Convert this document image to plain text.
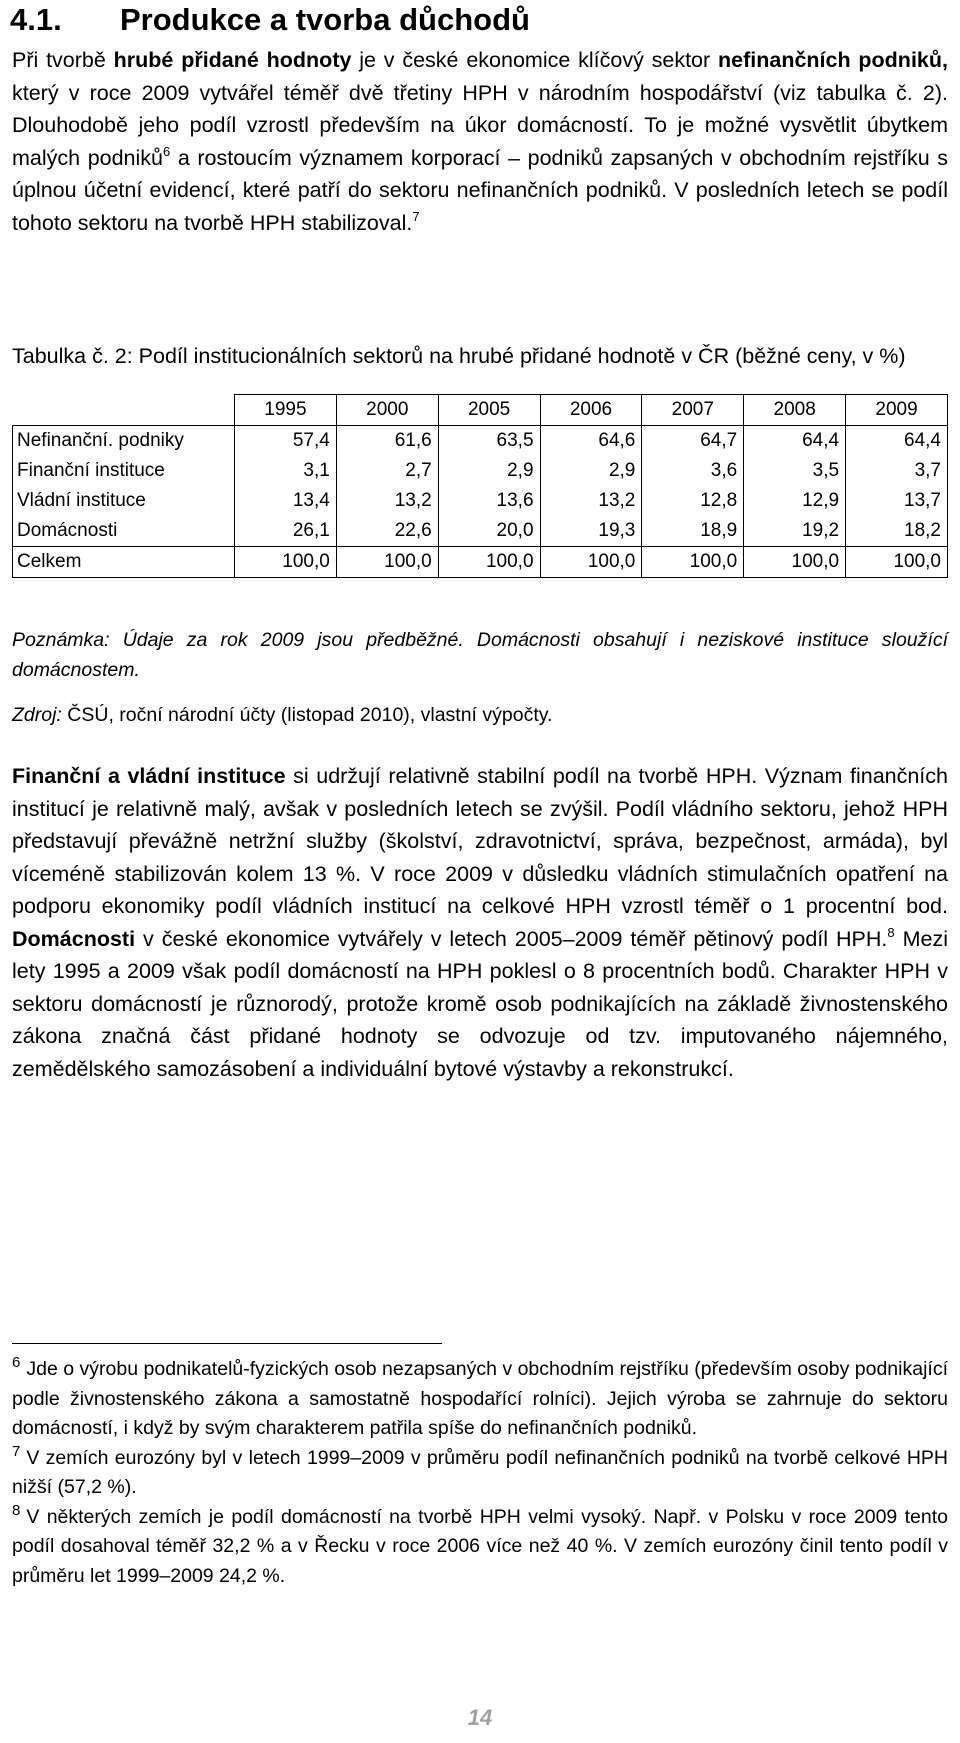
4.1. Produkce a tvorba důchodů
Při tvorbě hrubé přidané hodnoty je v české ekonomice klíčový sektor nefinančních podniků, který v roce 2009 vytvářel téměř dvě třetiny HPH v národním hospodářství (viz tabulka č. 2). Dlouhodobě jeho podíl vzrostl především na úkor domácností. To je možné vysvětlit úbytkem malých podniků$^6$ a rostoucím významem korporací – podniků zapsaných v obchodním rejstříku s úplnou účetní evidencí, které patří do sektoru nefinančních podniků. V posledních letech se podíl tohoto sektoru na tvorbě HPH stabilizoval.$^7$
Tabulka č. 2: Podíl institucionálních sektorů na hrubé přidané hodnotě v ČR (běžné ceny, v %)
	1995	2000	2005	2006	2007	2008	2009
Nefinanční. podniky	57,4	61,6	63,5	64,6	64,7	64,4	64,4
Finanční instituce	3,1	2,7	2,9	2,9	3,6	3,5	3,7
Vládní instituce	13,4	13,2	13,6	13,2	12,8	12,9	13,7
Domácnosti	26,1	22,6	20,0	19,3	18,9	19,2	18,2
Celkem	100,0	100,0	100,0	100,0	100,0	100,0	100,0
Poznámka: Údaje za rok 2009 jsou předběžné. Domácnosti obsahují i neziskové instituce sloužící domácnostem.
Zdroj: ČSÚ, roční národní účty (listopad 2010), vlastní výpočty.
Finanční a vládní instituce si udržují relativně stabilní podíl na tvorbě HPH. Význam finančních institucí je relativně malý, avšak v posledních letech se zvýšil. Podíl vládního sektoru, jehož HPH představují převážně netržní služby (školství, zdravotnictví, správa, bezpečnost, armáda), byl víceméně stabilizován kolem 13 %. V roce 2009 v důsledku vládních stimulačních opatření na podporu ekonomiky podíl vládních institucí na celkové HPH vzrostl téměř o 1 procentní bod. Domácnosti v české ekonomice vytvářely v letech 2005–2009 téměř pětinový podíl HPH.$^8$ Mezi lety 1995 a 2009 však podíl domácností na HPH poklesl o 8 procentních bodů. Charakter HPH v sektoru domácností je různorodý, protože kromě osob podnikajících na základě živnostenského zákona značná část přidané hodnoty se odvozuje od tzv. imputovaného nájemného, zemědělského samozásobení a individuální bytové výstavby a rekonstrukcí.

$^6$ Jde o výrobu podnikatelů-fyzických osob nezapsaných v obchodním rejstříku (především osoby podnikající podle živnostenského zákona a samostatně hospodařící rolníci). Jejich výroba se zahrnuje do sektoru domácností, i když by svým charakterem patřila spíše do nefinančních podniků.

$^7$ V zemích eurozóny byl v letech 1999–2009 v průměru podíl nefinančních podniků na tvorbě celkové HPH nižší (57,2 %).

$^8$ V některých zemích je podíl domácností na tvorbě HPH velmi vysoký. Např. v Polsku v roce 2009 tento podíl dosahoval téměř 32,2 % a v Řecku v roce 2006 více než 40 %. V zemích eurozóny činil tento podíl v průměru let 1999–2009 24,2 %.

14
